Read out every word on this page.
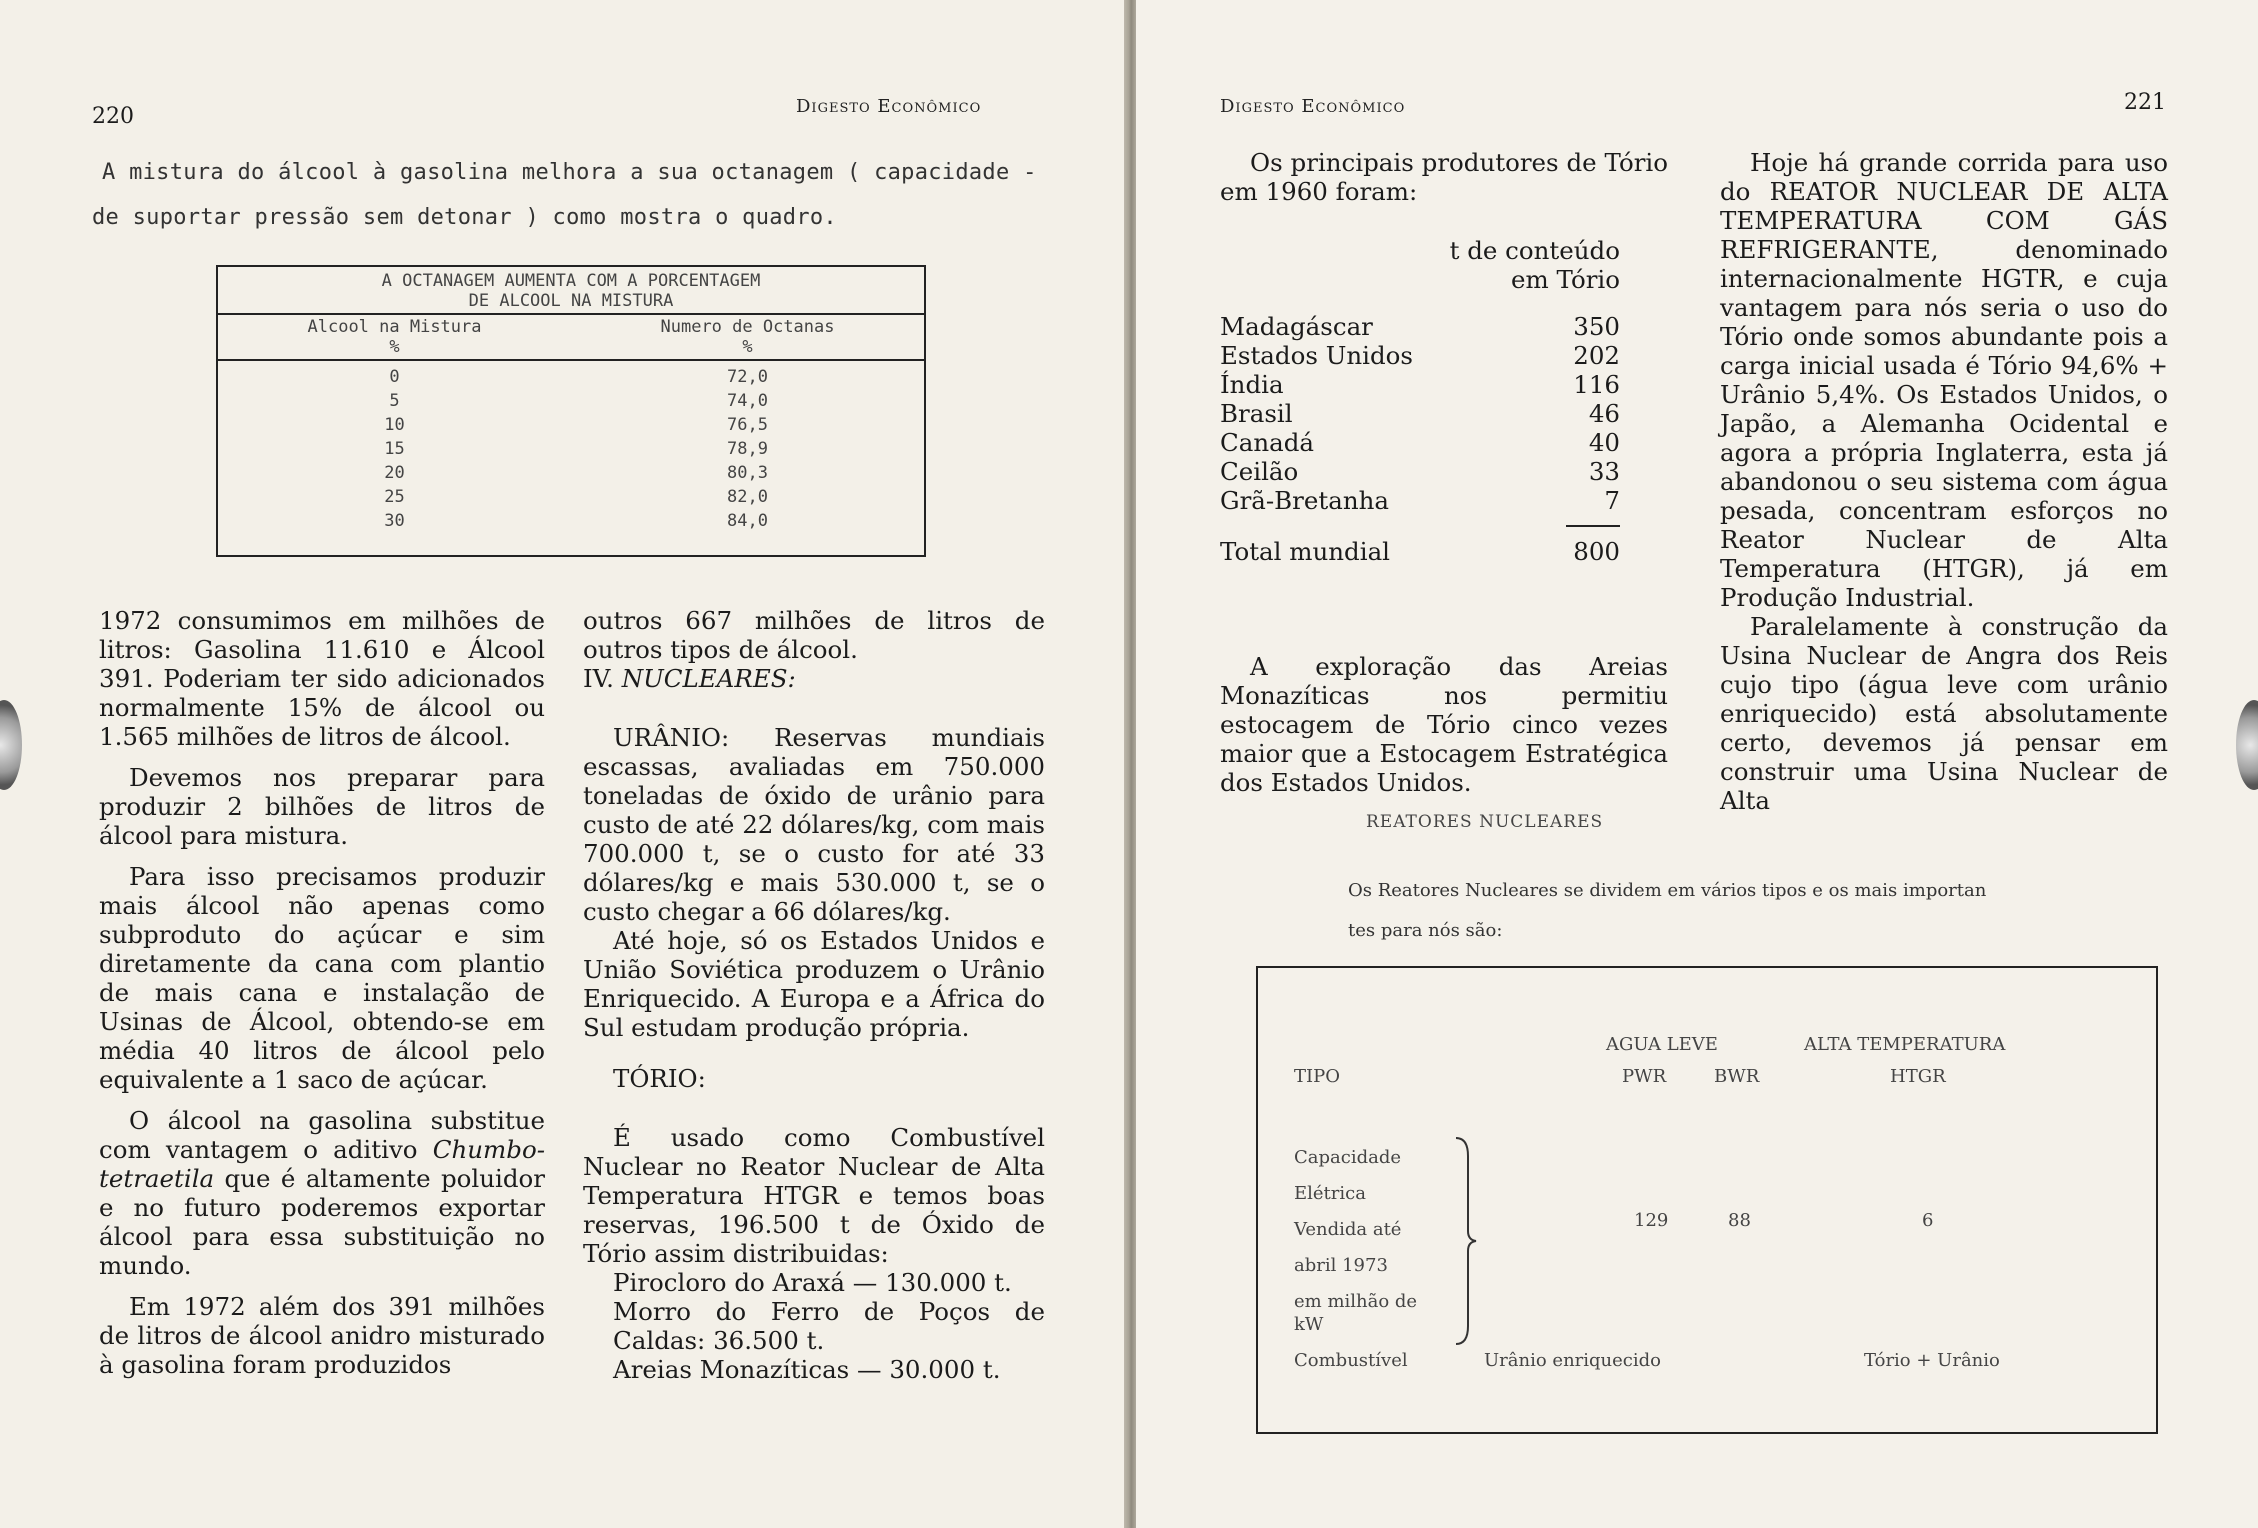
220	Digesto Econômico
A mistura do álcool à gasolina melhora a sua octanagem ( capacidade -
de suportar pressão sem detonar ) como mostra o quadro.
A OCTANAGEM AUMENTA COM A PORCENTAGEM
DE ALCOOL NA MISTURA
Alcool na Mistura
%
Numero de Octanas
%
0	72,0
5	74,0
10	76,5
15	78,9
20	80,3
25	82,0
30	84,0

1972 consumimos em milhões de litros: Gasolina 11.610 e Álcool 391. Poderiam ter sido adicionados normalmente 15% de álcool ou 1.565 milhões de litros de álcool.

Devemos nos preparar para produzir 2 bilhões de litros de álcool para mistura.

Para isso precisamos produzir mais álcool não apenas como subproduto do açúcar e sim diretamente da cana com plantio de mais cana e instalação de Usinas de Álcool, obtendo-se em média 40 litros de álcool pelo equivalente a 1 saco de açúcar.

O álcool na gasolina substitue com vantagem o aditivo Chumbo-tetraetila que é altamente poluidor e no futuro poderemos exportar álcool para essa substituição no mundo.

Em 1972 além dos 391 milhões de litros de álcool anidro misturado à gasolina foram produzidos

outros 667 milhões de litros de outros tipos de álcool.

IV. NUCLEARES:

URÂNIO: Reservas mundiais escassas, avaliadas em 750.000 toneladas de óxido de urânio para custo de até 22 dólares/kg, com mais 700.000 t, se o custo for até 33 dólares/kg e mais 530.000 t, se o custo chegar a 66 dólares/kg.

Até hoje, só os Estados Unidos e União Soviética produzem o Urânio Enriquecido. A Europa e a África do Sul estudam produção própria.

TÓRIO:

É usado como Combustível Nuclear no Reator Nuclear de Alta Temperatura HTGR e temos boas reservas, 196.500 t de Óxido de Tório assim distribuidas:

Pirocloro do Araxá — 130.000 t.

Morro do Ferro de Poços de Caldas: 36.500 t.

Areias Monazíticas — 30.000 t.

Digesto Econômico	221

Os principais produtores de Tório em 1960 foram:

t de conteúdo
em Tório
Madagáscar	350
Estados Unidos	202
Índia	116
Brasil	46
Canadá	40
Ceilão	33
Grã-Bretanha	7
Total mundial	800

A exploração das Areias Monazíticas nos permitiu estocagem de Tório cinco vezes maior que a Estocagem Estratégica dos Estados Unidos.

REATORES NUCLEARES
Os Reatores Nucleares se dividem em vários tipos e os mais importan
tes para nós são:
AGUA LEVE	ALTA TEMPERATURA
TIPO	PWR	BWR	HTGR
Capacidade
Elétrica
Vendida até
abril 1973
em milhão de
kW
129	88	6
Combustível	Urânio enriquecido	Tório + Urânio

Hoje há grande corrida para uso do REATOR NUCLEAR DE ALTA TEMPERATURA COM GÁS REFRIGERANTE, denominado internacionalmente HGTR, e cuja vantagem para nós seria o uso do Tório onde somos abundante pois a carga inicial usada é Tório 94,6% + Urânio 5,4%. Os Estados Unidos, o Japão, a Alemanha Ocidental e agora a própria Inglaterra, esta já abandonou o seu sistema com água pesada, concentram esforços no Reator Nuclear de Alta Temperatura (HTGR), já em Produção Industrial.

Paralelamente à construção da Usina Nuclear de Angra dos Reis cujo tipo (água leve com urânio enriquecido) está absolutamente certo, devemos já pensar em construir uma Usina Nuclear de Alta
